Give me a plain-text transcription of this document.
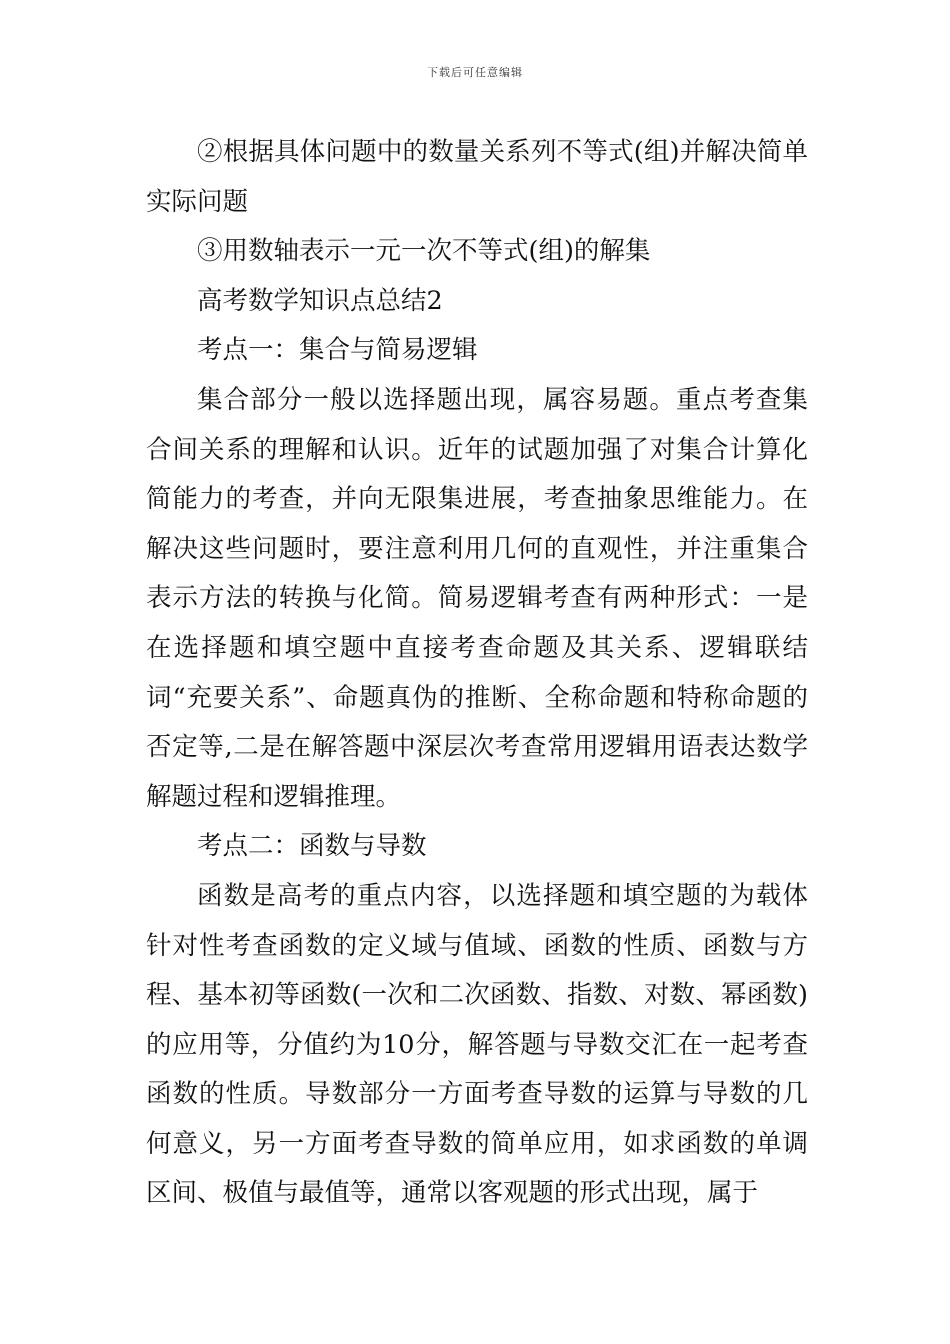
下载后可任意编辑

②根据具体问题中的数量关系列不等式(组)并解决简单实际问题

③用数轴表示一元一次不等式(组)的解集

高考数学知识点总结2

考点一：集合与简易逻辑

集合部分一般以选择题出现，属容易题。重点考查集合间关系的理解和认识。近年的试题加强了对集合计算化简能力的考查，并向无限集进展，考查抽象思维能力。在解决这些问题时，要注意利用几何的直观性，并注重集合表示方法的转换与化简。简易逻辑考查有两种形式：一是在选择题和填空题中直接考查命题及其关系、逻辑联结词“充要关系”、命题真伪的推断、全称命题和特称命题的否定等,二是在解答题中深层次考查常用逻辑用语表达数学解题过程和逻辑推理。

考点二：函数与导数

函数是高考的重点内容，以选择题和填空题的为载体针对性考查函数的定义域与值域、函数的性质、函数与方程、基本初等函数(一次和二次函数、指数、对数、幂函数)的应用等，分值约为10分，解答题与导数交汇在一起考查函数的性质。导数部分一方面考查导数的运算与导数的几何意义，另一方面考查导数的简单应用，如求函数的单调区间、极值与最值等，通常以客观题的形式出现，属于
